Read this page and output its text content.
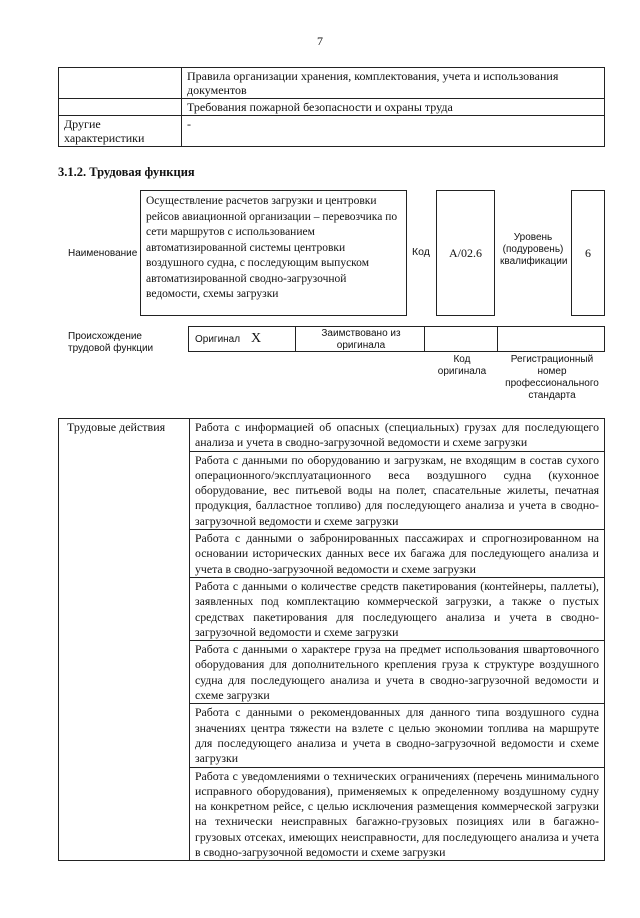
7
	Правила организации хранения, комплектования, учета и использования документов
	Требования пожарной безопасности и охраны труда
Другие характеристики	-
3.1.2. Трудовая функция
Наименование
Осуществление расчетов загрузки и центровки рейсов авиационной организации – перевозчика по сети маршрутов с использованием автоматизированной системы центровки воздушного судна, с последующим выпуском автоматизированной сводно-загрузочной ведомости, схемы загрузки
Код	А/02.6
Уровень (подуровень) квалификации
6
Происхождение трудовой функции
Оригинал Х	Заимствовано из оригинала
Код оригинала
Регистрационный номер профессионального стандарта
Трудовые действия	Работа с информацией об опасных (специальных) грузах для последующего анализа и учета в сводно-загрузочной ведомости и схеме загрузки
Работа с данными по оборудованию и загрузкам, не входящим в состав сухого операционного/эксплуатационного веса воздушного судна (кухонное оборудование, вес питьевой воды на полет, спасательные жилеты, печатная продукция, балластное топливо) для последующего анализа и учета в сводно-загрузочной ведомости и схеме загрузки
Работа с данными о забронированных пассажирах и спрогнозированном на основании исторических данных весе их багажа для последующего анализа и учета в сводно-загрузочной ведомости и схеме загрузки
Работа с данными о количестве средств пакетирования (контейнеры, паллеты), заявленных под комплектацию коммерческой загрузки, а также о пустых средствах пакетирования для последующего анализа и учета в сводно-загрузочной ведомости и схеме загрузки
Работа с данными о характере груза на предмет использования швартовочного оборудования для дополнительного крепления груза к структуре воздушного судна для последующего анализа и учета в сводно-загрузочной ведомости и схеме загрузки
Работа с данными о рекомендованных для данного типа воздушного судна значениях центра тяжести на взлете с целью экономии топлива на маршруте для последующего анализа и учета в сводно-загрузочной ведомости и схеме загрузки
Работа с уведомлениями о технических ограничениях (перечень минимального исправного оборудования), применяемых к определенному воздушному судну на конкретном рейсе, с целью исключения размещения коммерческой загрузки на технически неисправных багажно-грузовых позициях или в багажно-грузовых отсеках, имеющих неисправности, для последующего анализа и учета в сводно-загрузочной ведомости и схеме загрузки
